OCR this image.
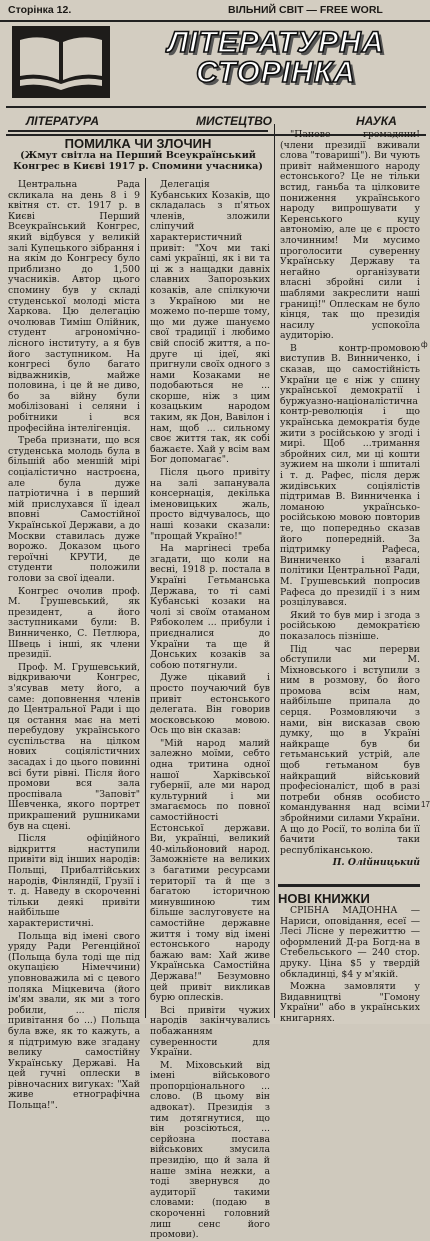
Сторінка 12.	ВІЛЬНИЙ СВІТ — FREE WORL
ЛІТЕРАТУРНА
СТОРІНКА
ЛІТЕРАТУРА	МИСТЕЦТВО	НАУКА
ПОМИЛКА ЧИ ЗЛОЧИН
(Жмут світла на Перший Всеукраїнський Конгрес в Києві 1917 р. Спомини учасника)

Центральна Рада скликала на день 8 і 9 квітня ст. ст. 1917 р. в Києві Перший Всеукраїнський Конгрес, який відбувся у великій залі Купецького зібрання і на якім до Конгресу було приблизно до 1,500 учасників. Автор цього спомину був у складі студенської молоді міста Харкова. Цю делегацію очолював Тиміш Олійник, студент агрономічно-лісного інституту, а я був його заступником. На конгресі було багато відважників, майже половина, і це й не диво, бо за війну були мобілізовані і селяни і робітники і вся професійна інтелігенція.

Треба признати, що вся студенська молодь була в більшій або меншій мірі соціалістично настроєна, але була дуже патріотична і в перший мій прислухався її ідеал вповні Самостійної Української Держави, а до Москви ставилась дуже ворожо. Доказом цього героїчні КРУТИ, де студенти положили голови за свої ідеали.

Конгрес очолив проф. М. Грушевський, як президент, а його заступниками були: В. Винниченко, С. Петлюра, Швець і інші, як члени президії.

Проф. М. Грушевський, відкриваючи Конгрес, з'ясував мету його, а саме: доповнення членів до Центральної Ради і що ця остання має на меті перебудову українського суспільства на цілком нових соціялістичних засадах і до цього повинні всі бути рівні. Після його промови вся зала проспівала "Заповіт" Шевченка, якого портрет прикрашений рушниками був на сцені.

Після офіційного відкриття наступили привіти від інших народів: Польщі, Прибалтійських народів, Фінляндії, Грузії і т. д. Наведу в скороченні тільки деякі привіти найбільше характеристичні.

Польща від імені свого уряду Ради Регенційної (Польща була тоді ще під окупацією Німеччини) уповноважила мі с цевого поляка Міцкевича (його ім'ям звали, як ми з того робили, ... після привітання бо ...) Польща була вже, як то кажуть, а я підтримую вже згадану велику самостійну Українську Державі. На цей гучні оплески в рівночасних вигуках: "Хай живе етнографічна Польща!".

Делегація Кубанських Козаків, що складалась з п'ятьох членів, зложили сліпучий характеристичний привіт: "Хоч ми такі самі українці, як і ви та ці ж з нащадки давніх славних Запорозьких козаків, але спілкуючи з Україною ми не можемо по-перше тому, що ми дуже шануємо свої традиції і любимо свій спосіб життя, а по-друге ці ідеї, які пригнули своїх одного з нами Козаками не подобаються не ... скорше, ніж з цим козацьким народом таким, як Дон, Вавілон і нам, щоб ... сильному своє життя так, як собі бажаєте. Хай у всім вам Бог допомагає".

Після цього привіту на залі запанувала консернація, декілька іменовицьких жаль, просто відчувалось, що наші козаки сказали: "прощай Україно!"

На маргінесі треба згадати, що коли на весні, 1918 р. постала в Україні Гетьманська Держава, то ті самі Кубанські козаки на чолі зі своїм отаманом Рябоколем ... прибули і приєдналися до України та ще й Донських козаків за собою потягнули.

Дуже цікавий і просто поучаючий був привіт естонського делегата. Він говорив московською мовою. Ось що він сказав:

"Мій народ малий залежно моїми, себто одна тритина одної нашої Харківської губернії, але ми народ культурний і ми змагаємось по повної самостійності Естонської держави. Ви, українці, великий 40-мільйоновий народ. Заможнієте на великих з багатими ресурсами території та й ще з багатою історичною минувшиною тим більше заслуговуєте на самостійне державне життя і тому від імені естонського народу бажаю вам: Хай живе Українська Самостійна Держава!" Безумовно цей привіт викликав бурю оплесків.

Всі привіти чужих народів закінчувались побажанням суверенности для України.

М. Міховський від імені військового пропорціонального ... слово. (В цьому він адвокат). Президія з тим дотягнутися, що він розсіються, ... серйозна постава військових змусила президію, що й зала й наше зміна нежки, а тоді звернувся до аудиторії такими словами: (подаю в скороченні головний лиш сенс його промови).

"Панове громадяни! (члени президії вживали слова "товариші"). Ви чують привіт найменшого народу естонського? Це не тільки встид, ганьба та цілковите пониження українського народу випрошувати у Керенського куцу автономію, але це є просто злочинним! Ми мусимо проголосити суверенну Українську Державу та негайно організувати власні збройні сили і шаблями закреслити наші границі!" Оплескам не було кінця, так що президія насилу успокоїла аудиторію.

В контр-промовою виступив В. Винниченко, і сказав, що самостійність України це є ніж у спину української демократії і буржуазно-націоналістична контр-революція і що українська демократія буде жити з російською у згоді і мирі. Щоб ...тримання збройних сил, ми ці кошти зужием на школи і шпиталі і т. д. Рафес, після держ жидівських соціялістів підтримав В. Винниченка і ломаною українсько-російською мовою повторив те, що попередньо сказав його попередній. За підтримку Рафеса, Винниченко і взагалі політики Центральної Ради, М. Грушевський попросив Рафеса до президії і з ним розцілувався.

Який то був мир і згода з російською демократією показалось пізніше.

Під час перерви обступили ми М. Міхновського і вступили з ним в розмову, бо його промова всім нам, найбільше припала до серця. Розмовляючи з нами, він висказав свою думку, що в Україні найкраще був би гетьманський устрій, але щоб гетьманом був найкращий військовий професіоналіст, щоб в разі потреби обняв особисто командування над всіми збройними силами України. А що до Росії, то воліла би її бачити таки республіканською.

П. Олійницький

НОВІ КНИЖКИ

СРІБНА МАДОННА — Нариси, оповідання, есеї — Лесі Лісне у пережиттю — оформлений Д-ра Богд-на в Стебельського — 240 стор. друку. Ціна $5 у твердій обкладинці, $4 у м'якій.

Можна замовляти у Видавництві "Гомону України" або в українських книгарнях.

ф
17
